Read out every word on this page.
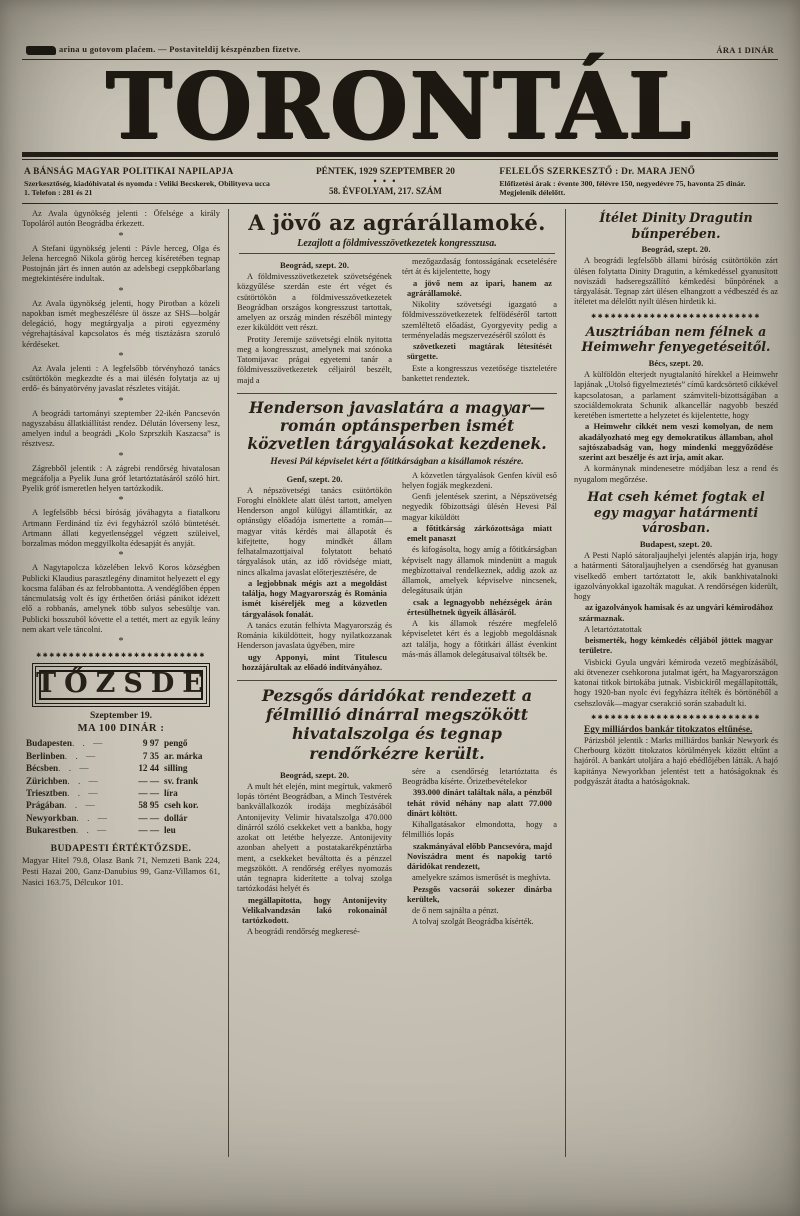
arina u gotovom plaćem. — Postaviteldij készpénzben fizetve.	ÁRA 1 DINÁR
TORONTÁL
A BÁNSÁG MAGYAR POLITIKAI NAPILAPJA
Szerkesztőség, kiadóhivatal és nyomda : Veliki Becskerek, Obilityeva ucca 1. Telefon : 281 és 21
PÉNTEK, 1929 SZEPTEMBER 20
• • •
58. ÉVFOLYAM, 217. SZÁM
FELELŐS SZERKESZTŐ : Dr. MARA JENŐ
Előfizetési árak : évente 300, félévre 150, negyedévre 75, havonta 25 dinár. Megjelenik délelőtt.

Az Avala ügynökség jelenti : Őfelsége a király Topoláról autón Beográdba érkezett.

*

A Stefani ügynökség jelenti : Pávle herceg, Olga és Jelena hercegnő Nikola görög herceg kíséretében tegnap Postojnán járt és innen autón az adelsbegi cseppkőbarlang megtekintésére indultak.

*

Az Avala ügynökség jelenti, hogy Pirotban a közeli napokban ismét megbeszélésre ül össze az SHS—bolgár delegáció, hogy megtárgyalja a piroti egyezmény végrehajtásával kapcsolatos és még tisztázásra szoruló kérdéseket.

*

Az Avala jelenti : A legfelsőbb törvényhozó tanács csütörtökön megkezdte és a mai ülésén folytatja az uj erdő- és bányatörvény javaslat részletes vitáját.

*

A beográdi tartományi szeptember 22-ikén Pancsevón nagyszabásu állatkiállítást rendez. Délután lóverseny lesz, amelyen indul a beográdi „Kolo Szprszkih Kaszacsa” is résztvesz.

*

Zágrebből jelentik : A zágrebi rendőrség hivatalosan megcáfolja a Pyelik Juna gróf letartóztatásáról szóló hirt. Pyelik gróf ismeretlen helyen tartózkodik.

*

A legfelsőbb bécsi bíróság jóváhagyta a fiatalkoru Artmann Ferdinánd tíz évi fegyházról szóló büntetését. Artmann állati kegyetlenséggel végzett szüleivel, borzalmas módon meggyilkolta édesapját és anyját.

*

A Nagytapolcza közelében lekvő Koros községben Publicki Klaudius parasztlegény dinamitot helyezett el egy kocsma falában és az felrobbantotta. A vendéglőben éppen táncmulatság volt és így érthetően óriási pánikot idézett elő a robbanás, amelynek több sulyos sebesültje van. Publicki bosszuból követte el a tettét, mert az egyik leány nem akart vele táncolni.

*
✱✱✱✱✱✱✱✱✱✱✱✱✱✱✱✱✱✱✱✱✱✱✱✱✱✱
TŐZSDE
Szeptember 19.
MA 100 DINÁR :
Budapesten . . —	9 97 pengő
Berlinben . . —	7 35 ar. márka
Bécsben . . —	12 44 silling
Zürichben . . —	— — sv. frank
Triesztben . . —	— — líra
Prágában . . —	58 95 cseh kor.
Newyorkban . . —	— — dollár
Bukarestben . . —	— — leu
BUDAPESTI ÉRTÉKTŐZSDE.

Magyar Hitel 79.8, Olasz Bank 71, Nemzeti Bank 224, Pesti Hazai 200, Ganz-Danubius 99, Ganz-Villamos 61, Nasici 163.75, Délcukor 101.

A jövő az agrárállamoké.
Lezajlott a földmivesszövetkezetek kongresszusa.
Beográd, szept. 20.

A földmivesszövetkezetek szövetségének közgyűlése szerdán este ért véget és csütörtökön a földmivesszövetkezetek Beográdban országos kongresszust tartottak, amelyen az ország minden részéből mintegy ezer kiküldött vett részt.

Protity Jeremije szövetségi elnök nyitotta meg a kongresszust, amelynek mai szónoka Tatomijavac prágai egyetemi tanár a földmivesszövetkezetek céljairól beszélt, majd a

mezőgazdaság fontosságának ecsetelésére tért át és kijelentette, hogy

a jövő nem az ipari, hanem az agrárállamoké.

Nikolity szövetségi igazgató a földmivesszövetkezetek felfödéséről tartott szemléltető előadást, Gyorgyevity pedig a terményeladás megszervezéséről szólott és

szövetkezeti magtárak létesítését sürgette.

Este a kongresszus vezetősége tiszteletére bankettet rendeztek.

Henderson javaslatára a magyar—román optánsperben ismét közvetlen tárgyalásokat kezdenek.
Hevesi Pál képviselet kért a főtitkárságban a kisállamok részére.
Genf, szept. 20.

A népszövetségi tanács csütörtökön Foroghi elnöklete alatt ülést tartott, amelyen Henderson angol külügyi államtitkár, az optánsügy előadója ismertette a román—magyar vitás kérdés mai állapotát és kifejtette, hogy mindkét állam felhatalmazottjaival folytatott beható tárgyalások után, az idő rövidsége miatt, nincs alkalma javaslat előterjesztésére, de

a legjobbnak mégis azt a megoldást találja, hogy Magyarország és Románia ismét kíséreljék meg a közvetlen tárgyalások fonalát.

A tanács ezután felhívta Magyarország és Románia kiküldötteit, hogy nyilatkozzanak Henderson javaslata ügyében, mire

ugy Apponyi, mint Titulescu hozzájárultak az előadó indítványához.

A közvetlen tárgyalások Genfen kívül eső helyen fogják megkezdeni.

Genfi jelentések szerint, a Népszövetség negyedik főbizottsági ülésén Hevesi Pál magyar kiküldött

a főtitkárság zárkózottsága miatt emelt panaszt

és kifogásolta, hogy amíg a főtitkárságban képviselt nagy államok mindenütt a maguk megbízottaival rendelkeznek, addig azok az államok, amelyek képviselve nincsenek, delegátusaik útján

csak a legnagyobb nehézségek árán értesülhetnek ügyeik állásáról.

A kis államok részére megfelelő képviseletet kért és a legjobb megoldásnak azt találja, hogy a főtitkári állást évenkint más-más államok delegátusaival töltsék be.

Pezsgős dáridókat rendezett a félmillió dinárral megszökött hivatalszolga és tegnap rendőrkézre került.
Beográd, szept. 20.

A mult hét elején, mint megírtuk, vakmerő lopás történt Beográdban, a Minch Testvérek bankvállalkozók irodája megbízásából Antonijevity Velimir hivatalszolga 470.000 dinárról szóló csekkeket vett a bankba, hogy azokat ott letétbe helyezze. Antonijevity azonban ahelyett a postatakarékpénztárba ment, a csekkeket beváltotta és a pénzzel megszökött. A rendőrség erélyes nyomozás után tegnapra kiderítette a tolvaj szolga tartózkodási helyét és

megállapította, hogy Antonijevity Velikalvandzsán lakó rokonainál tartózkodott.

A beográdi rendőrség megkeresé-

sére a csendőrség letartóztatta és Beográdba kísérte. Őrizetbevételekor

393.000 dinárt találtak nála, a pénzből tehát rövid néhány nap alatt 77.000 dinárt költött.

Kihallgatásakor elmondotta, hogy a félmilliós lopás

szakmányával előbb Pancsevóra, majd Noviszádra ment és napokig tartó dáridókat rendezett,

amelyekre számos ismerősét is meghívta.

Pezsgős vacsorái sokezer dinárba kerültek,

de ő nem sajnálta a pénzt.

A tolvaj szolgát Beográdba kísérték.

Ítélet Dinity Dragutin bűnperében.
Beográd, szept. 20.

A beográdi legfelsőbb állami bíróság csütörtökön zárt ülésen folytatta Dinity Dragutin, a kémkedéssel gyanusított noviszádi hadseregszállító kémkedési bűnpörének a tárgyalását. Tegnap zárt ülésen elhangzott a védbeszéd és az ítéletet ma délelőtt nyilt ülésen hirdetik ki.

✱✱✱✱✱✱✱✱✱✱✱✱✱✱✱✱✱✱✱✱✱✱✱✱✱✱
Ausztriában nem félnek a Heimwehr fenyegetéseitől.
Bécs, szept. 20.

A külföldön elterjedt nyugtalanító hírekkel a Heimwehr lapjának „Utolsó figyelmeztetés” című kardcsörtető cikkével kapcsolatosan, a parlament számviteli-bizottságában a szociáldemokrata Schunik alkancellár nagyobb beszéd keretében ismertette a helyzetet és kijelentette, hogy

a Heimwehr cikkét nem veszi komolyan, de nem akadályozható meg egy demokratikus államban, ahol sajtószabadság van, hogy mindenki meggyőződése szerint azt beszélje és azt irja, amit akar.

A kormánynak mindenesetre módjában lesz a rend és nyugalom megőrzése.

Hat cseh kémet fogtak el egy magyar határmenti városban.
Budapest, szept. 20.

A Pesti Napló sátoraljaujhelyi jelentés alapján irja, hogy a határmenti Sátoraljaujhelyen a csendőrség hat gyanusan viselkedő embert tartóztatott le, akik bankhivatalnoki igazolványokkal igazolták magukat. A rendőrségen kiderült, hogy

az igazolványok hamisak és az ungvári kémirodához származnak.

A letartóztatottak

beismerték, hogy kémkedés céljából jöttek magyar területre.

Visbicki Gyula ungvári kémiroda vezető megbízásából, aki ötvenezer csehkorona jutalmat igért, ha Magyarországon katonai titkok birtokába jutnak. Visbickiről megállapították, hogy 1920-ban nyolc évi fegyházra ítélték és börtönéből a csehszlovák—magyar cserakció során szabadult ki.

✱✱✱✱✱✱✱✱✱✱✱✱✱✱✱✱✱✱✱✱✱✱✱✱✱✱

Egy milliárdos bankár titokzatos eltűnése.

Párizsból jelentik : Marks milliárdos bankár Newyork és Cherbourg között titokzatos körülmények között eltűnt a hajóról. A bankárt utoljára a hajó ebédlőjében látták. A hajó kapitánya Newyorkban jelentést tett a hatóságoknak és podgyászát átadta a hatóságoknak.
